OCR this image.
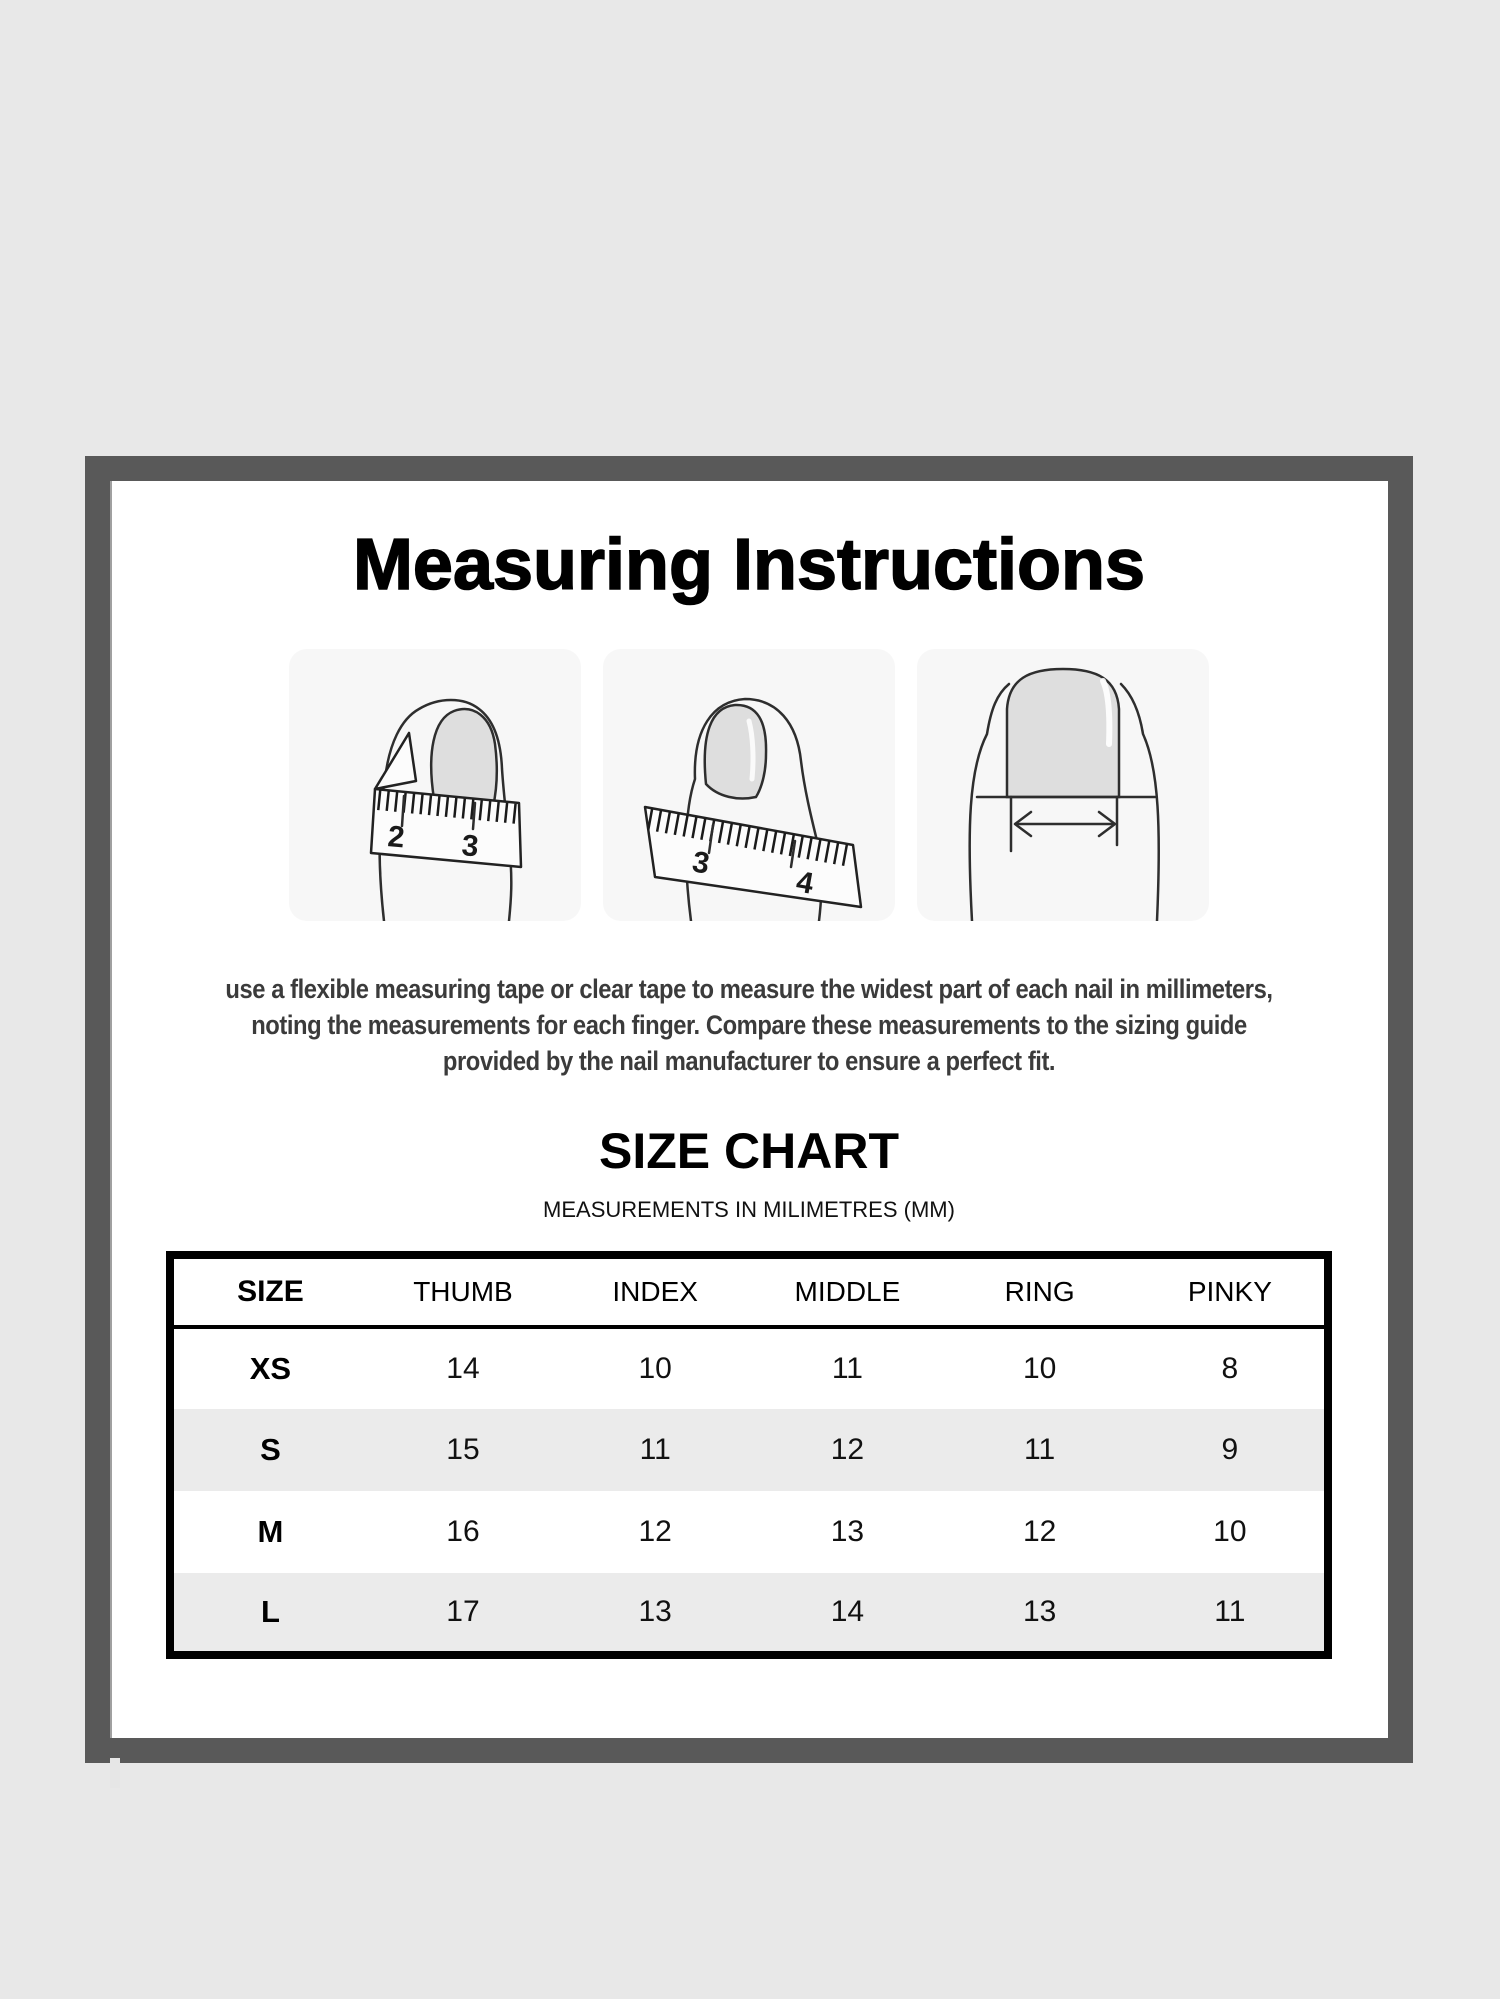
Measuring Instructions
2 3	3
4
use a flexible measuring tape or clear tape to measure the widest part of each nail in millimeters,
noting the measurements for each finger. Compare these measurements to the sizing guide
provided by the nail manufacturer to ensure a perfect fit.
SIZE CHART
MEASUREMENTS IN MILIMETRES (MM)
SIZE	THUMB	INDEX	MIDDLE	RING	PINKY
XS	14	10	11	10	8
S	15	11	12	11	9
M	16	12	13	12	10
L	17	13	14	13	11
